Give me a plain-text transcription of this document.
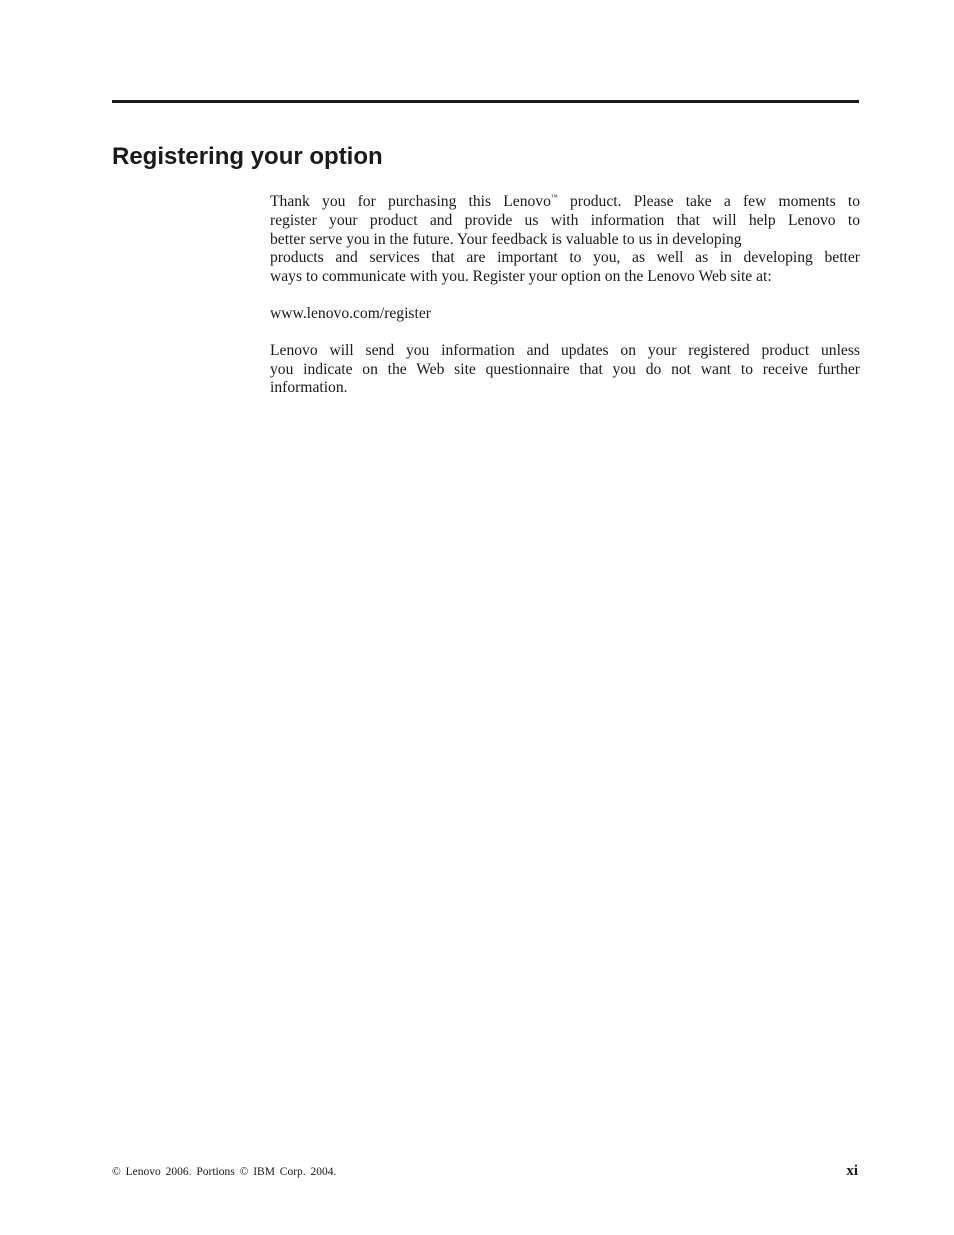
Registering your option

Thank you for purchasing this Lenovo™ product. Please take a few moments to
register your product and provide us with information that will help Lenovo to
better serve you in the future. Your feedback is valuable to us in developing
products and services that are important to you, as well as in developing better
ways to communicate with you. Register your option on the Lenovo Web site at:

www.lenovo.com/register

Lenovo will send you information and updates on your registered product unless
you indicate on the Web site questionnaire that you do not want to receive further
information.

© Lenovo 2006. Portions © IBM Corp. 2004.	xi
